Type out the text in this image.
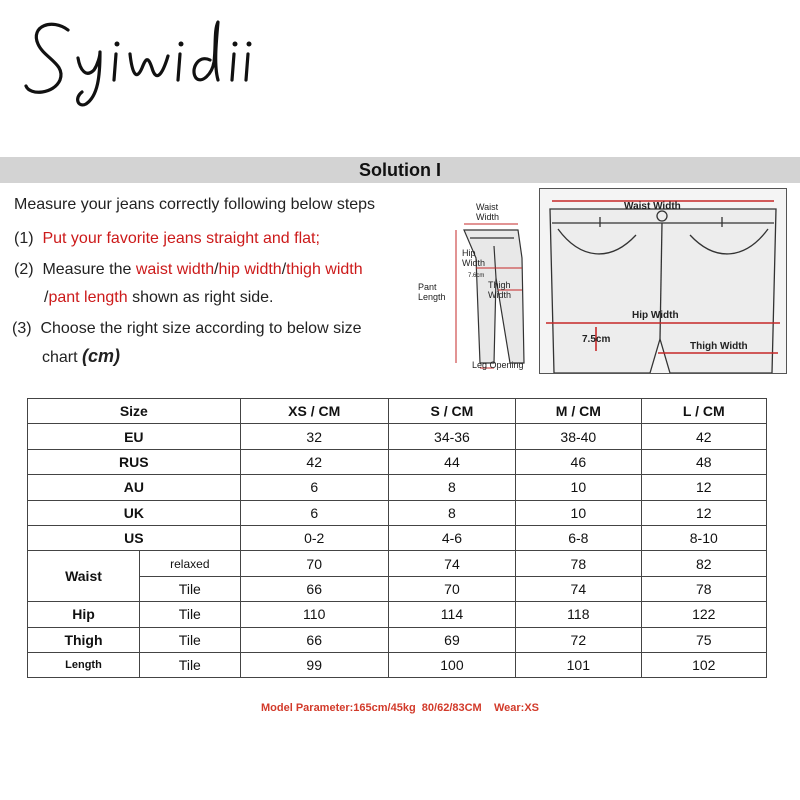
Solution I
Measure your jeans correctly following below steps
(1) Put your favorite jeans straight and flat;
(2) Measure the waist width/hip width/thigh width
/pant length shown as right side.
(3) Choose the right size according to below size
chart (cm)
Waist
Width
Hip
Width
7.6cm
Pant
Length
Thigh
Width
Leg Opening
Waist Width
Hip Width
7.5cm
Thigh Width
Size		XS / CM	S / CM	M / CM	L / CM
EU		32	34-36	38-40	42
RUS		42	44	46	48
AU		6	8	10	12
UK		6	8	10	12
US		0-2	4-6	6-8	8-10
Waist	relaxed	70	74	78	82
	Tile	66	70	74	78
Hip	Tile	110	114	118	122
Thigh	Tile	66	69	72	75
Length	Tile	99	100	101	102
Model Parameter:165cm/45kg  80/62/83CM    Wear:XS
